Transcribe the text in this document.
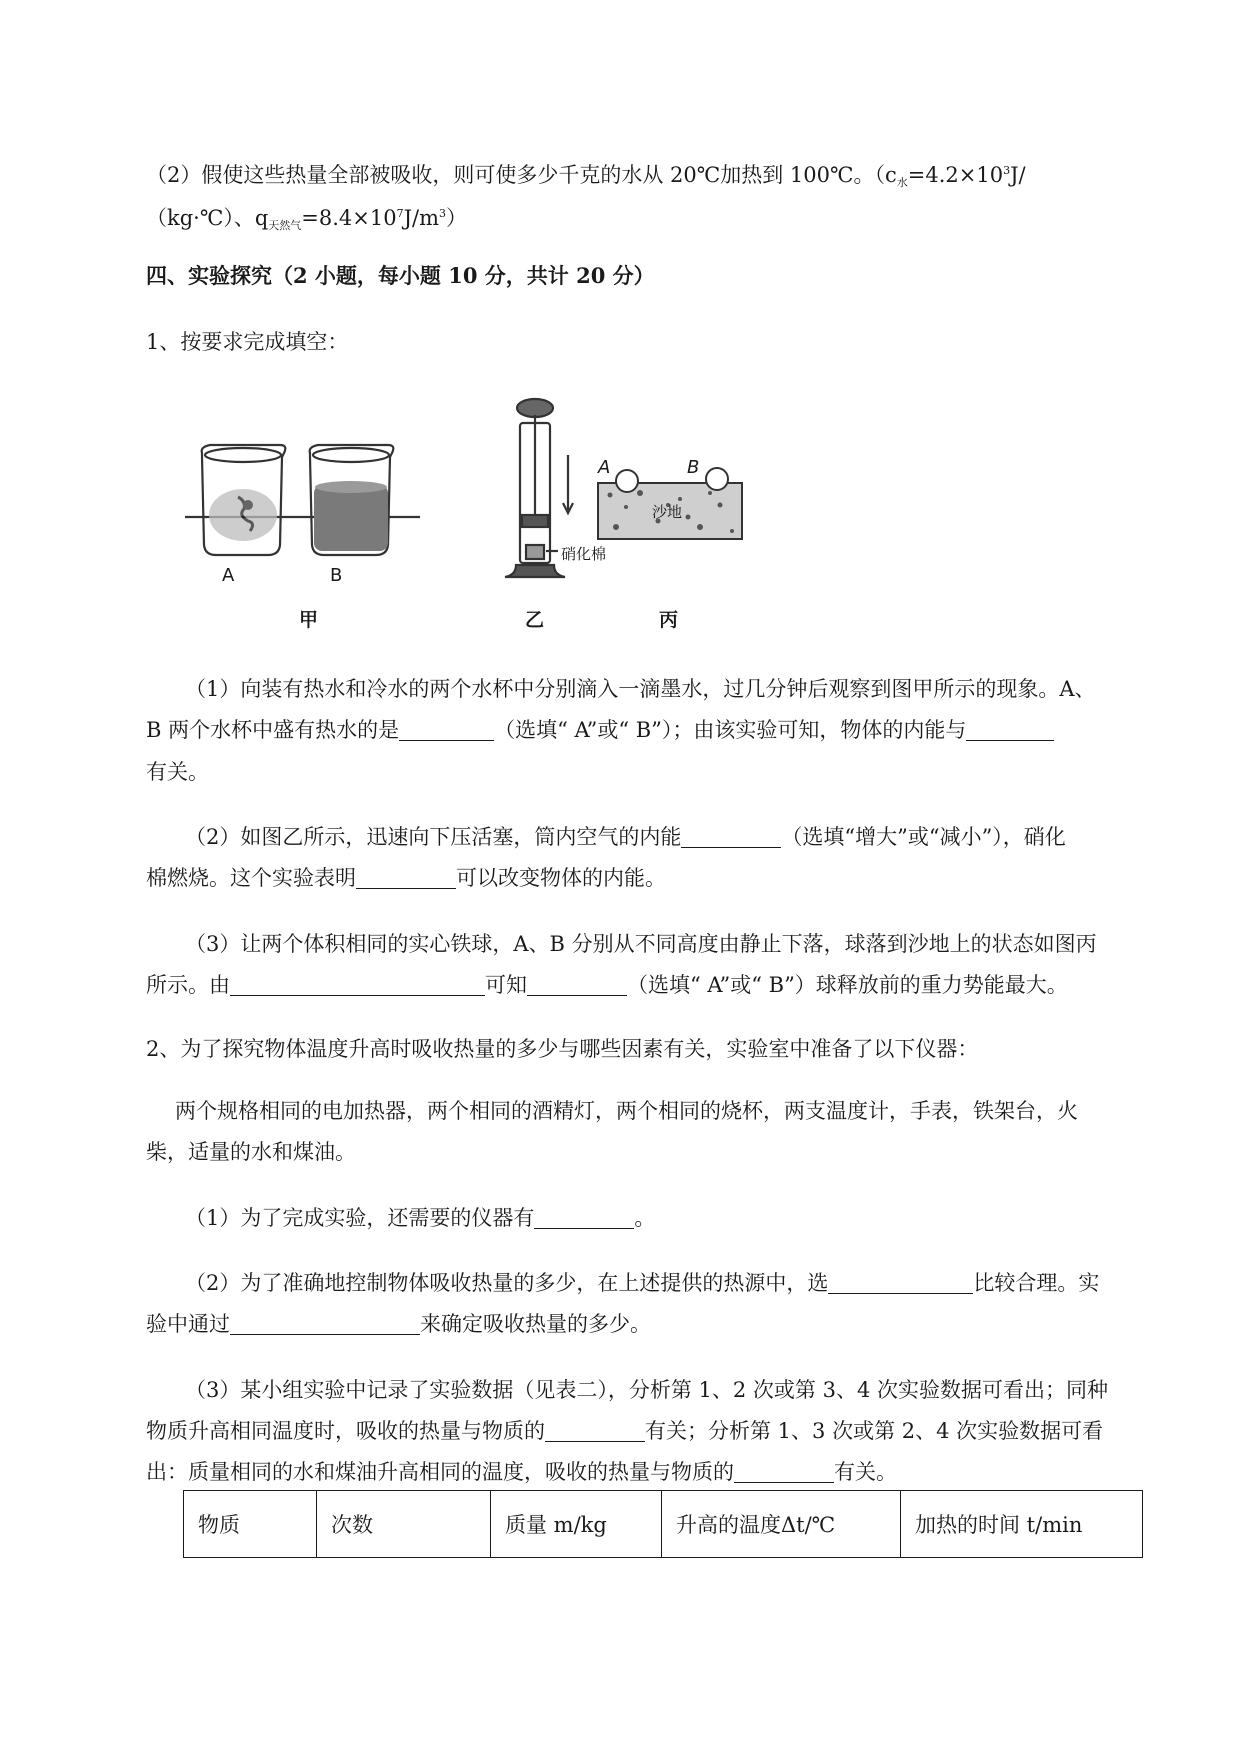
（2）假使这些热量全部被吸收，则可使多少千克的水从 20℃加热到 100℃。（$c_水=4.2\times 10^3J/$
（kg·℃）、$q_{天然气}=8.4\times 10^7J/m^3$）
四、实验探究（2 小题，每小题 10 分，共计 20 分）
1、按要求完成填空：
A	B
甲
硝化棉
乙
A	B
沙地
丙
（1）向装有热水和冷水的两个水杯中分别滴入一滴墨水，过几分钟后观察到图甲所示的现象。A、
B 两个水杯中盛有热水的是	（选填“ A”或“ B”）；由该实验可知，物体的内能与
有关。
（2）如图乙所示，迅速向下压活塞，筒内空气的内能	（选填“增大”或“减小”），硝化
棉燃烧。这个实验表明	可以改变物体的内能。
（3）让两个体积相同的实心铁球，A、B 分别从不同高度由静止下落，球落到沙地上的状态如图丙
所示。由	可知	（选填“ A”或“ B”）球释放前的重力势能最大。
2、为了探究物体温度升高时吸收热量的多少与哪些因素有关，实验室中准备了以下仪器：
两个规格相同的电加热器，两个相同的酒精灯，两个相同的烧杯，两支温度计，手表，铁架台，火
柴，适量的水和煤油。
（1）为了完成实验，还需要的仪器有	。
（2）为了准确地控制物体吸收热量的多少，在上述提供的热源中，选	比较合理。实
验中通过	来确定吸收热量的多少。
（3）某小组实验中记录了实验数据（见表二），分析第 1、2 次或第 3、4 次实验数据可看出；同种
物质升高相同温度时，吸收的热量与物质的	有关；分析第 1、3 次或第 2、4 次实验数据可看
出：质量相同的水和煤油升高相同的温度，吸收的热量与物质的	有关。
物质	次数	质量 m/kg	升高的温度Δt/℃	加热的时间 t/min
